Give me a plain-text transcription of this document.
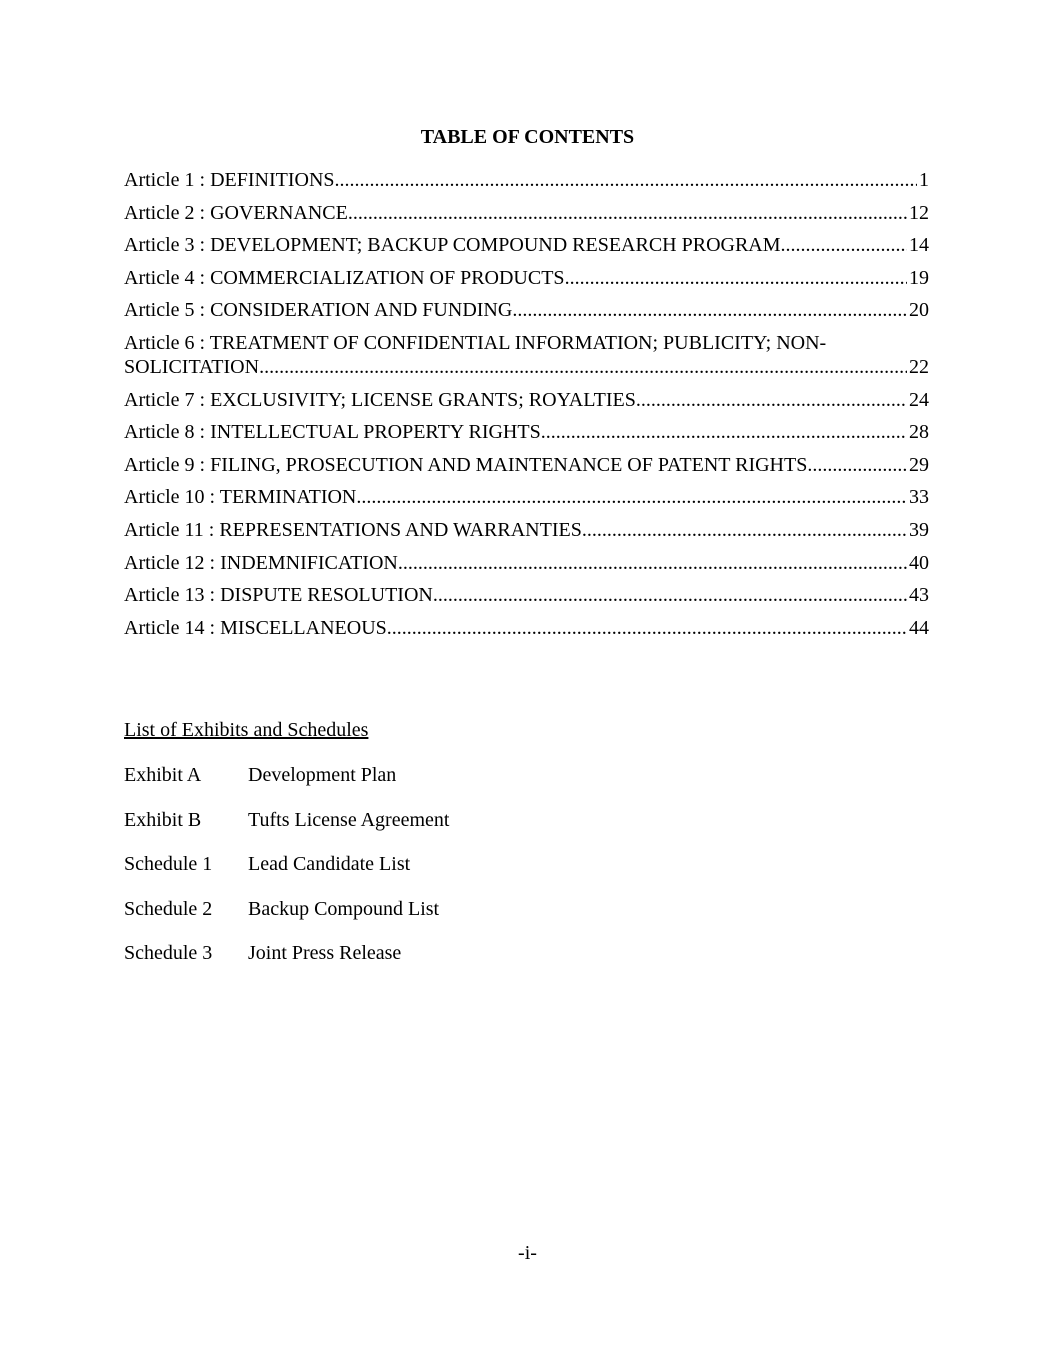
TABLE OF CONTENTS
Article 1 : DEFINITIONS .....	1
Article 2 : GOVERNANCE .....	12
Article 3 : DEVELOPMENT; BACKUP COMPOUND RESEARCH PROGRAM .....	14
Article 4 : COMMERCIALIZATION OF PRODUCTS .....	19
Article 5 : CONSIDERATION AND FUNDING .....	20
Article 6 : TREATMENT OF CONFIDENTIAL INFORMATION; PUBLICITY; NON-
SOLICITATION .....	22
Article 7 : EXCLUSIVITY; LICENSE GRANTS; ROYALTIES .....	24
Article 8 : INTELLECTUAL PROPERTY RIGHTS .....	28
Article 9 : FILING, PROSECUTION AND MAINTENANCE OF PATENT RIGHTS .....	29
Article 10 : TERMINATION .....	33
Article 11 : REPRESENTATIONS AND WARRANTIES .....	39
Article 12 : INDEMNIFICATION .....	40
Article 13 : DISPUTE RESOLUTION .....	43
Article 14 : MISCELLANEOUS .....	44
List of Exhibits and Schedules
Exhibit A	Development Plan
Exhibit B	Tufts License Agreement
Schedule 1	Lead Candidate List
Schedule 2	Backup Compound List
Schedule 3	Joint Press Release
-i-
